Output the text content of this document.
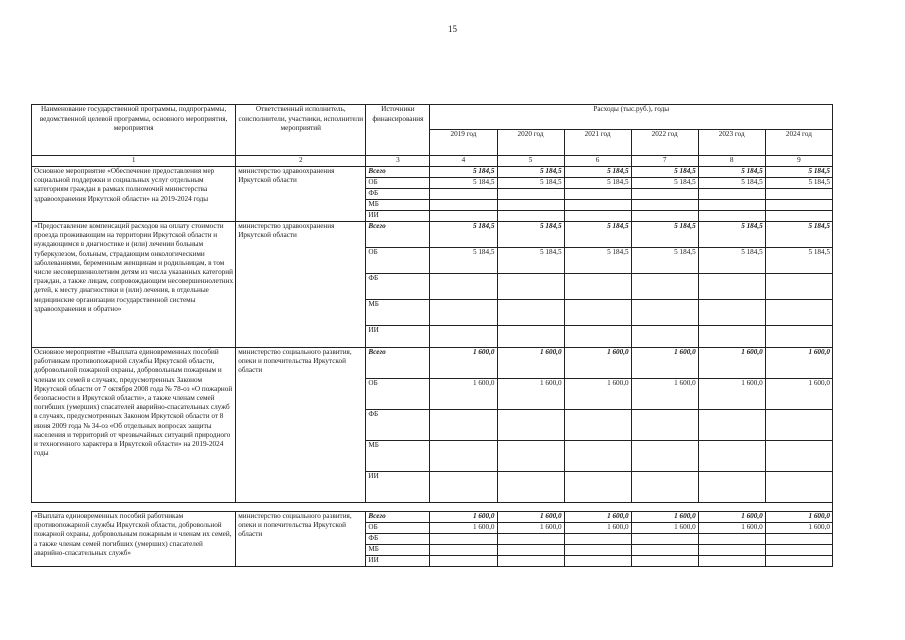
15
Наименование государственной программы, подпрограммы, ведомственной целевой программы, основного мероприятия, мероприятия	Ответственный исполнитель, соисполнители, участники, исполнители мероприятий	Источники финансирования	Расходы (тыс.руб.), годы					
			2019 год	2020 год	2021 год	2022 год	2023 год	2024 год
1	2	3	4	5	6	7	8	9
Основное мероприятие «Обеспечение предоставления мер социальной поддержки и социальных услуг отдельным категориям граждан в рамках полномочий министерства здравоохранения Иркутской области» на 2019-2024 годы	министерство здравоохранения Иркутской области	Всего	5 184,5	5 184,5	5 184,5	5 184,5	5 184,5	5 184,5
		ОБ	5 184,5	5 184,5	5 184,5	5 184,5	5 184,5	5 184,5
		ФБ						
		МБ						
		ИИ						
«Предоставление компенсаций расходов на оплату стоимости проезда проживающим на территории Иркутской области и нуждающимся в диагностике и (или) лечении больным туберкулезом, больным, страдающим онкологическими заболеваниями, беременным женщинам и родильницам, в том числе несовершеннолетним детям из числа указанных категорий граждан, а также лицам, сопровождающим несовершеннолетних детей, к месту диагностики и (или) лечения, в отдельные медицинские организации государственной системы здравоохранения и обратно»	министерство здравоохранения Иркутской области	Всего	5 184,5	5 184,5	5 184,5	5 184,5	5 184,5	5 184,5
		ОБ	5 184,5	5 184,5	5 184,5	5 184,5	5 184,5	5 184,5
		ФБ						
		МБ						
		ИИ						
Основное мероприятие «Выплата единовременных пособий работникам противопожарной службы Иркутской области, добровольной пожарной охраны, добровольным пожарным и членам их семей в случаях, предусмотренных Законом Иркутской области от 7 октября 2008 года № 78-оз «О пожарной безопасности в Иркутской области», а также членам семей погибших (умерших) спасателей аварийно-спасательных служб в случаях, предусмотренных Законом Иркутской области от 8 июня 2009 года № 34-оз «Об отдельных вопросах защиты населения и территорий от чрезвычайных ситуаций природного и техногенного характера в Иркутской области» на 2019-2024 годы	министерство социального развития, опеки и попечительства Иркутской области	Всего	1 600,0	1 600,0	1 600,0	1 600,0	1 600,0	1 600,0
		ОБ	1 600,0	1 600,0	1 600,0	1 600,0	1 600,0	1 600,0
		ФБ						
		МБ						
		ИИ						

«Выплата единовременных пособий работникам противопожарной службы Иркутской области, добровольной пожарной охраны, добровольным пожарным и членам их семей, а также членам семей погибших (умерших) спасателей аварийно-спасательных служб»	министерство социального развития, опеки и попечительства Иркутской области	Всего	1 600,0	1 600,0	1 600,0	1 600,0	1 600,0	1 600,0
		ОБ	1 600,0	1 600,0	1 600,0	1 600,0	1 600,0	1 600,0
		ФБ						
		МБ						
		ИИ						
